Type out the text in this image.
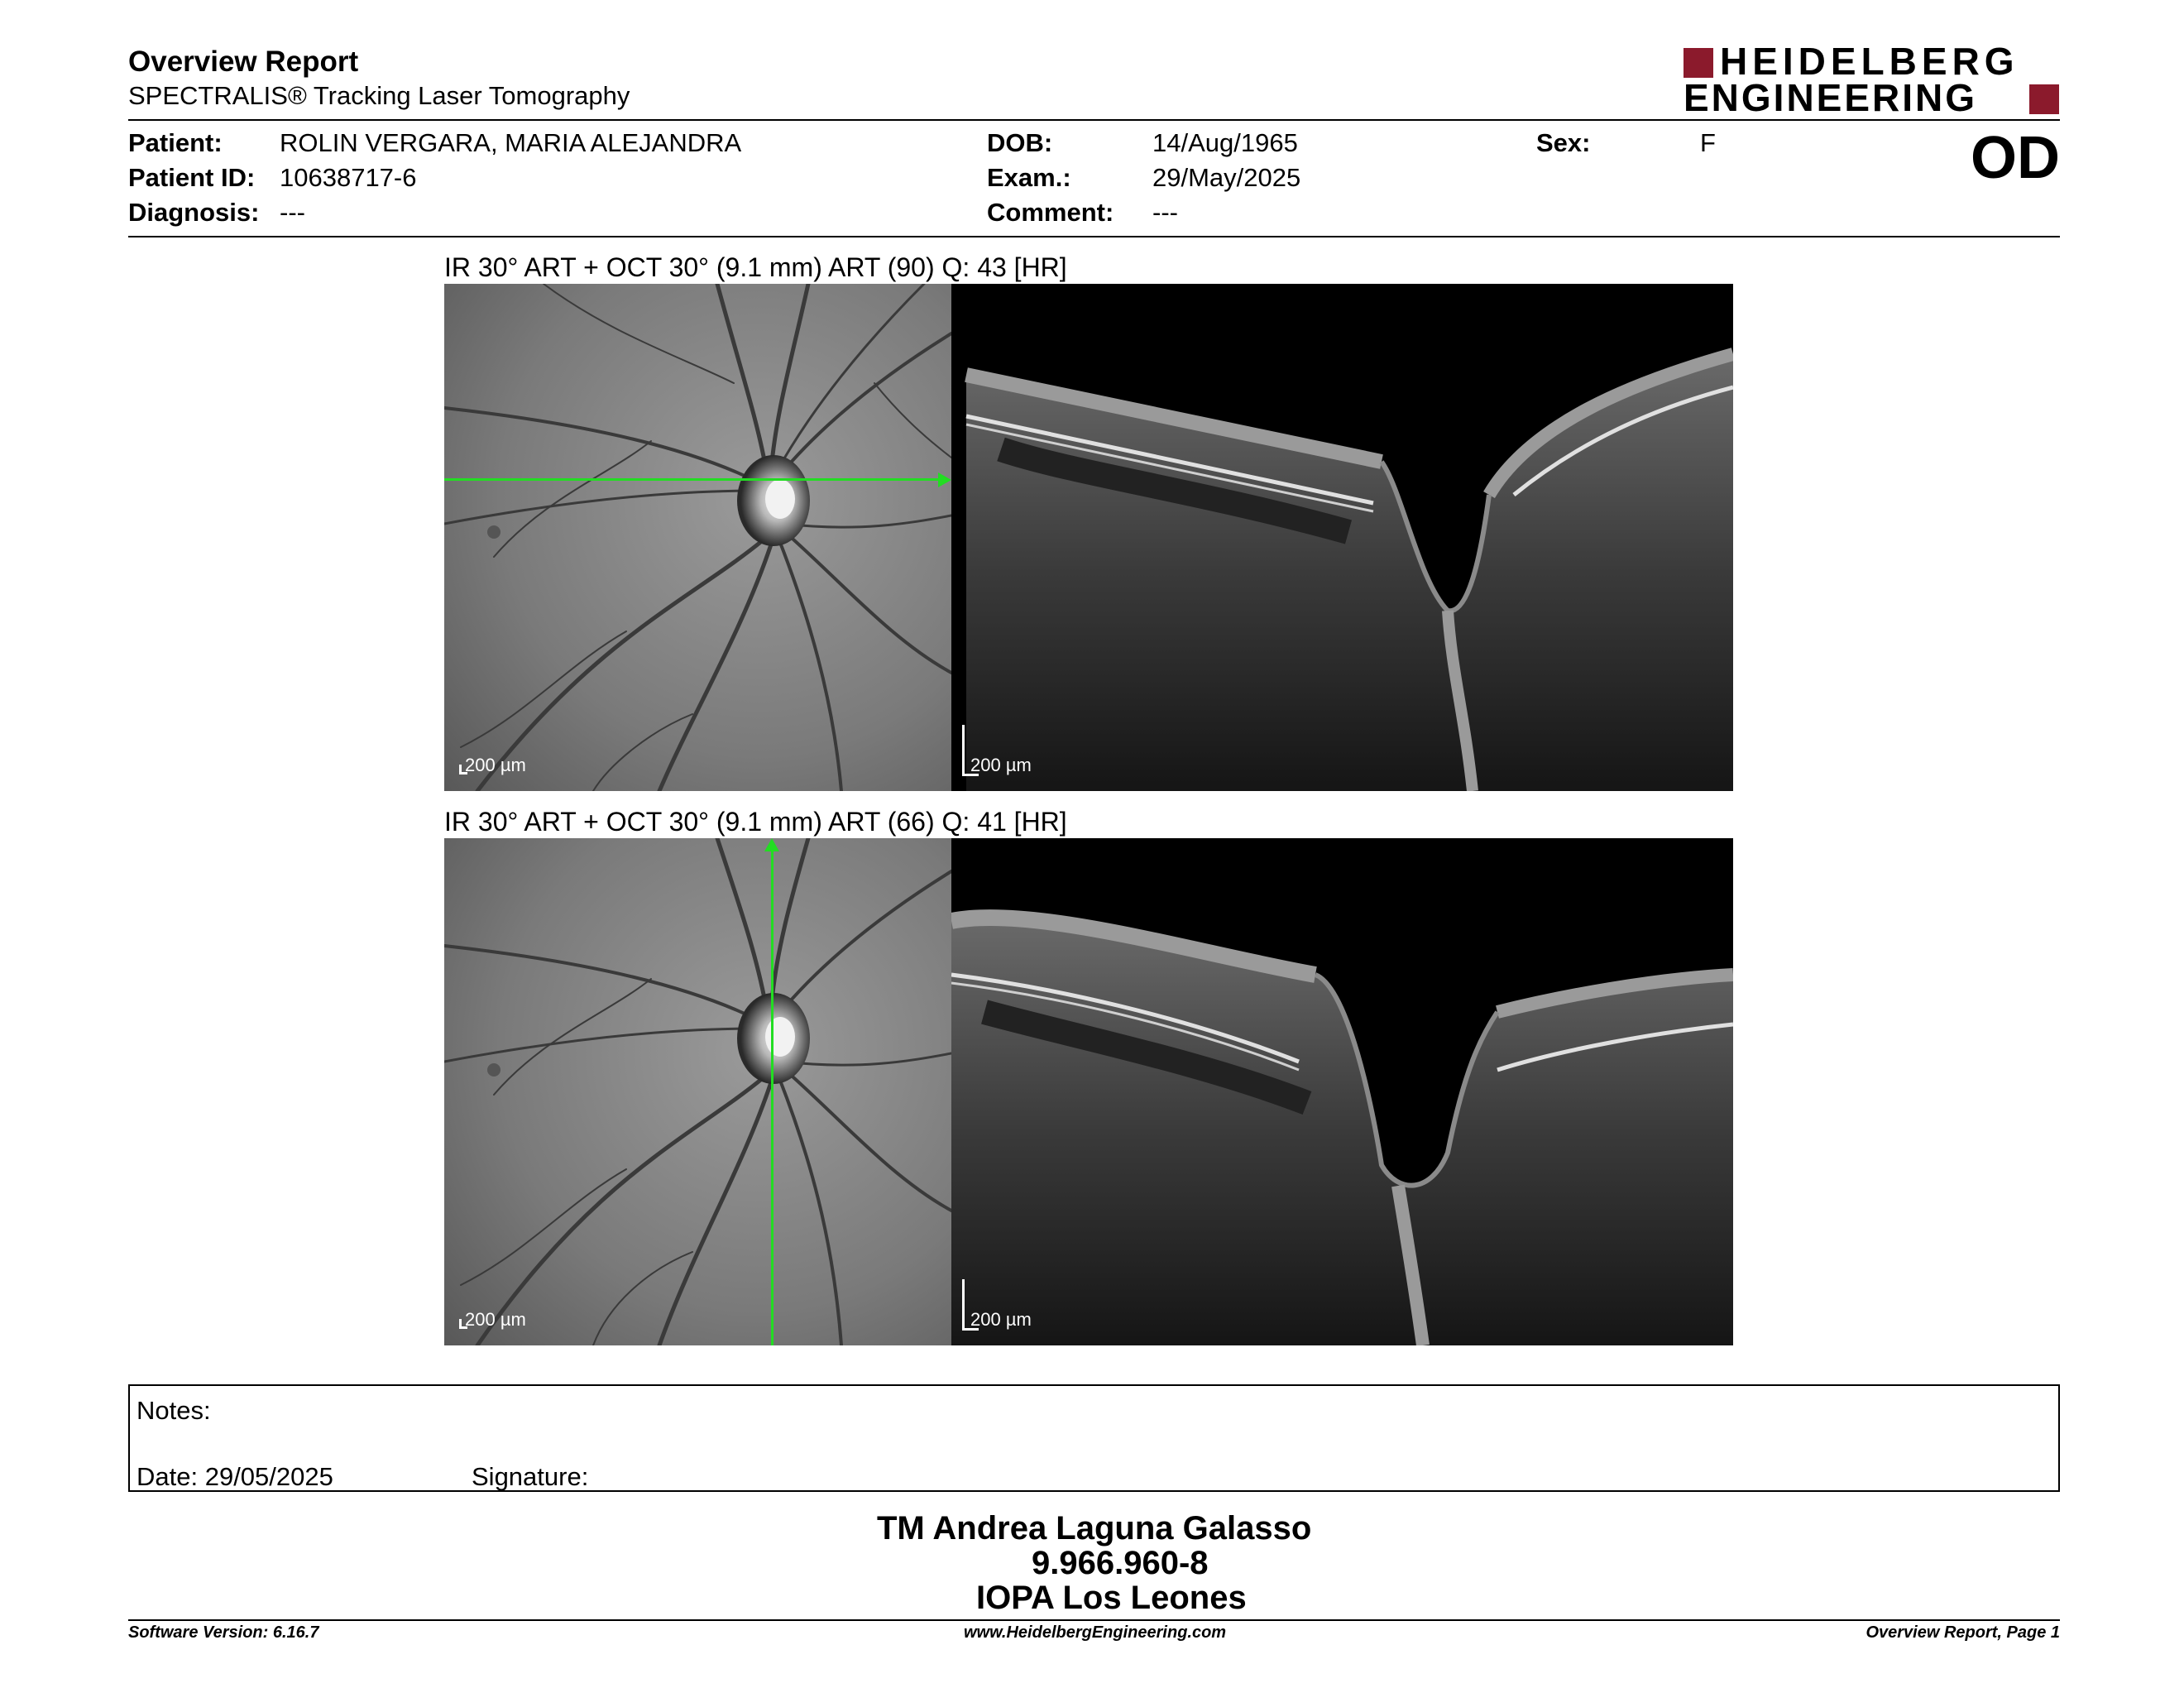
Overview Report
SPECTRALIS® Tracking Laser Tomography
HEIDELBERG
ENGINEERING
Patient: ROLIN VERGARA, MARIA ALEJANDRA
Patient ID: 10638717-6
Diagnosis: ---
DOB:	14/Aug/1965
Exam.:	29/May/2025
Comment: ---
Sex:	F	OD
IR 30° ART + OCT 30° (9.1 mm) ART (90) Q: 43 [HR]
200 µm	200 µm
IR 30° ART + OCT 30° (9.1 mm) ART (66) Q: 41 [HR]
200 µm	200 µm
Notes:
Date: 29/05/2025	Signature:
TM Andrea Laguna Galasso
9.966.960-8
IOPA Los Leones
Software Version: 6.16.7	www.HeidelbergEngineering.com	Overview Report, Page 1
